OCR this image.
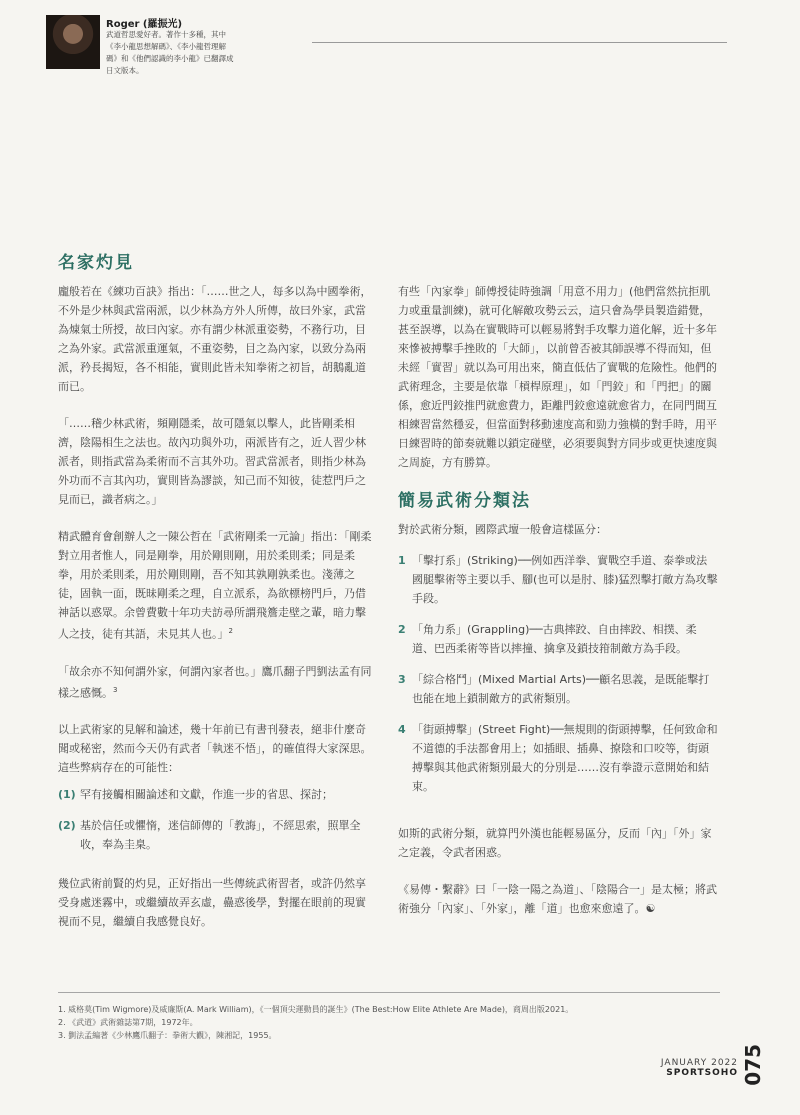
Roger (羅振光)
武道哲思愛好者。著作十多種，其中《李小龍思想解碼》、《李小龍哲理解碼》和《他們認識的李小龍》已翻譯成日文版本。
名家灼見

龐般若在《練功百訣》指出：「……世之人，每多以為中國拳術，不外是少林與武當兩派，以少林為方外人所傳，故曰外家，武當為煉氣士所授，故曰內家。亦有謂少林派重姿勢，不務行功，目之為外家。武當派重運氣，不重姿勢，目之為內家，以致分為兩派，矜長揭短，各不相能，實則此皆未知拳術之初旨，胡鵝亂道而已。

「……稽少林武術，頻剛隱柔，故可隱氣以擊人，此皆剛柔相濟，陰陽相生之法也。故內功與外功，兩派皆有之，近人習少林派者，則指武當為柔術而不言其外功。習武當派者，則指少林為外功而不言其內功，實則皆為謬談，知己而不知彼，徒惹門戶之見而已，識者病之。」

精武體育會創辦人之一陳公哲在「武術剛柔一元論」指出：「剛柔對立用者惟人，同是剛拳，用於剛則剛，用於柔則柔；同是柔拳，用於柔則柔，用於剛則剛，吾不知其孰剛孰柔也。淺薄之徒，固執一面，既昧剛柔之理，自立派系，為欲標榜門戶，乃借神話以惑眾。余曾費數十年功夫訪尋所謂飛簷走壁之輩，暗力擊人之技，徒有其語，未見其人也。」$^2$

「故余亦不知何謂外家，何謂內家者也。」鷹爪翻子門劉法孟有同樣之感慨。$^3$

以上武術家的見解和論述，幾十年前已有書刊發表，絕非什麼奇聞或秘密，然而今天仍有武者「執迷不悟」，的確值得大家深思。這些弊病存在的可能性：

(1) 罕有接觸相關論述和文獻，作進一步的省思、探討；
(2) 基於信任或懼惰，迷信師傳的「教誨」，不經思索，照單全收，奉為圭臬。

幾位武術前賢的灼見，正好指出一些傳統武術習者，或許仍然享受身處迷霧中，或繼續故弄玄虛，蠱惑後學，對擺在眼前的現實視而不見，繼續自我感覺良好。

有些「內家拳」師傅授徒時強調「用意不用力」(他們當然抗拒肌力或重量訓練)，就可化解敵攻勢云云，這只會為學員製造錯覺，甚至誤導，以為在實戰時可以輕易將對手攻擊力道化解，近十多年來慘被搏擊手挫敗的「大師」，以前曾否被其師誤導不得而知，但未經「實習」就以為可用出來，簡直低估了實戰的危險性。他們的武術理念，主要是依靠「槓桿原理」，如「門鉸」和「門把」的關係，愈近門鉸推門就愈費力，距離門鉸愈遠就愈省力，在同門間互相練習當然穩妥，但當面對移動速度高和勁力強橫的對手時，用平日練習時的節奏就難以鎖定碰壁，必須要與對方同步或更快速度與之周旋，方有勝算。

簡易武術分類法

對於武術分類，國際武壇一般會這樣區分：

1 「擊打系」(Striking)──例如西洋拳、實戰空手道、泰拳或法國腿擊術等主要以手、腳(也可以是肘、膝)猛烈擊打敵方為攻擊手段。
2 「角力系」(Grappling)──古典摔跤、自由摔跤、相撲、柔道、巴西柔術等皆以摔撞、擒拿及鎖技箝制敵方為手段。
3 「綜合格鬥」(Mixed Martial Arts)──顧名思義，是既能擊打也能在地上鎖制敵方的武術類別。
4 「街頭搏擊」(Street Fight)──無規則的街頭搏擊，任何致命和不道德的手法都會用上；如插眼、插鼻、撩陰和口咬等，街頭搏擊與其他武術類別最大的分別是……沒有拳證示意開始和結束。

如斯的武術分類，就算門外漢也能輕易區分，反而「內」「外」家之定義，令武者困惑。

《易傳・繫辭》曰「一陰一陽之為道」、「陰陽合一」是太極；將武術強分「內家」、「外家」，離「道」也愈來愈遠了。☯

1. 威格莫(Tim Wigmore)及威廉斯(A. Mark William)，《一個頂尖運動員的誕生》(The Best:How Elite Athlete Are Made)，商周出版2021。
2. 《武道》武術雜誌第7期，1972年。
3. 劉法孟編著《少林鷹爪翻子：拳術大觀》，陳湘記，1955。
075
JANUARY 2022
SPORTSOHO
